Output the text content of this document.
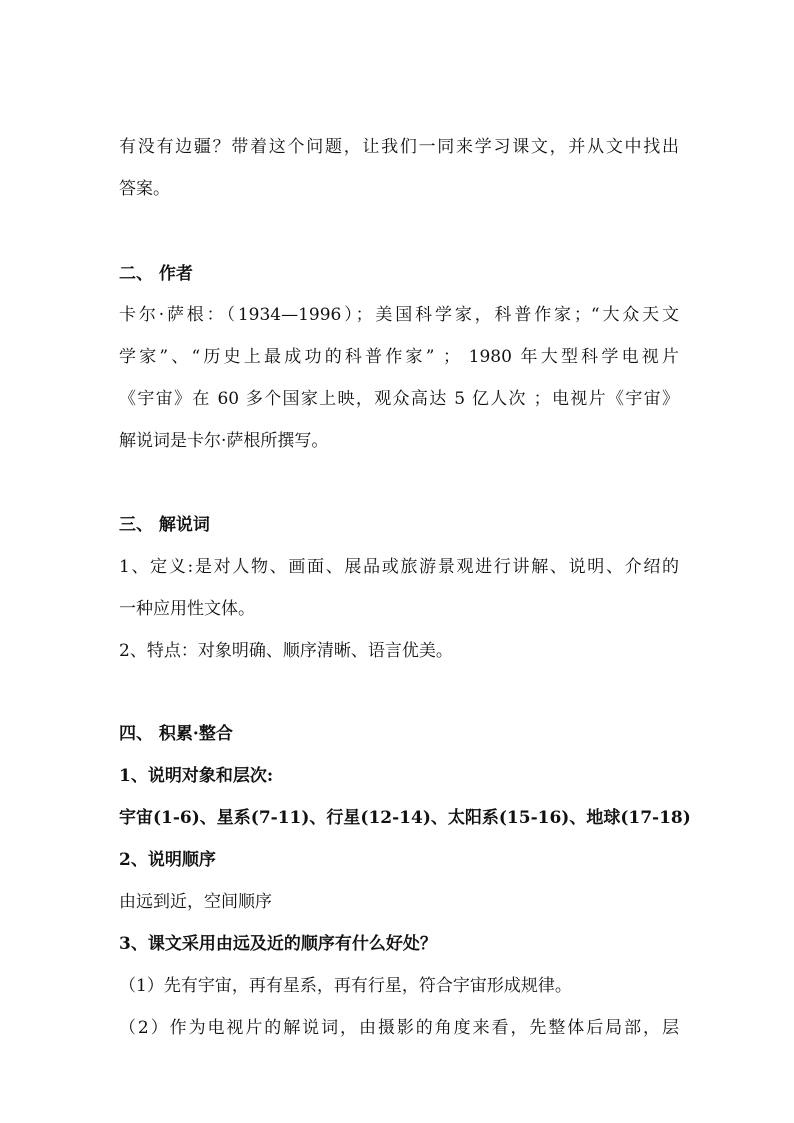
有没有边疆？带着这个问题，让我们一同来学习课文，并从文中找出
答案。
二、 作者
卡尔·萨根：（1934—1996）；美国科学家，科普作家；“大众天文
学家”、“历史上最成功的科普作家” ； 1980 年大型科学电视片
《宇宙》在 60 多个国家上映，观众高达 5 亿人次 ；电视片《宇宙》
解说词是卡尔·萨根所撰写。
三、 解说词
1、定义:是对人物、画面、展品或旅游景观进行讲解、说明、介绍的
一种应用性文体。
2、特点：对象明确、顺序清晰、语言优美。
四、 积累·整合
1、说明对象和层次:
宇宙(1-6)、星系(7-11)、行星(12-14)、太阳系(15-16)、地球(17-18)
2、说明顺序
由远到近，空间顺序
3、课文采用由远及近的顺序有什么好处？
（1）先有宇宙，再有星系，再有行星，符合宇宙形成规律。
（2）作为电视片的解说词，由摄影的角度来看，先整体后局部，层
